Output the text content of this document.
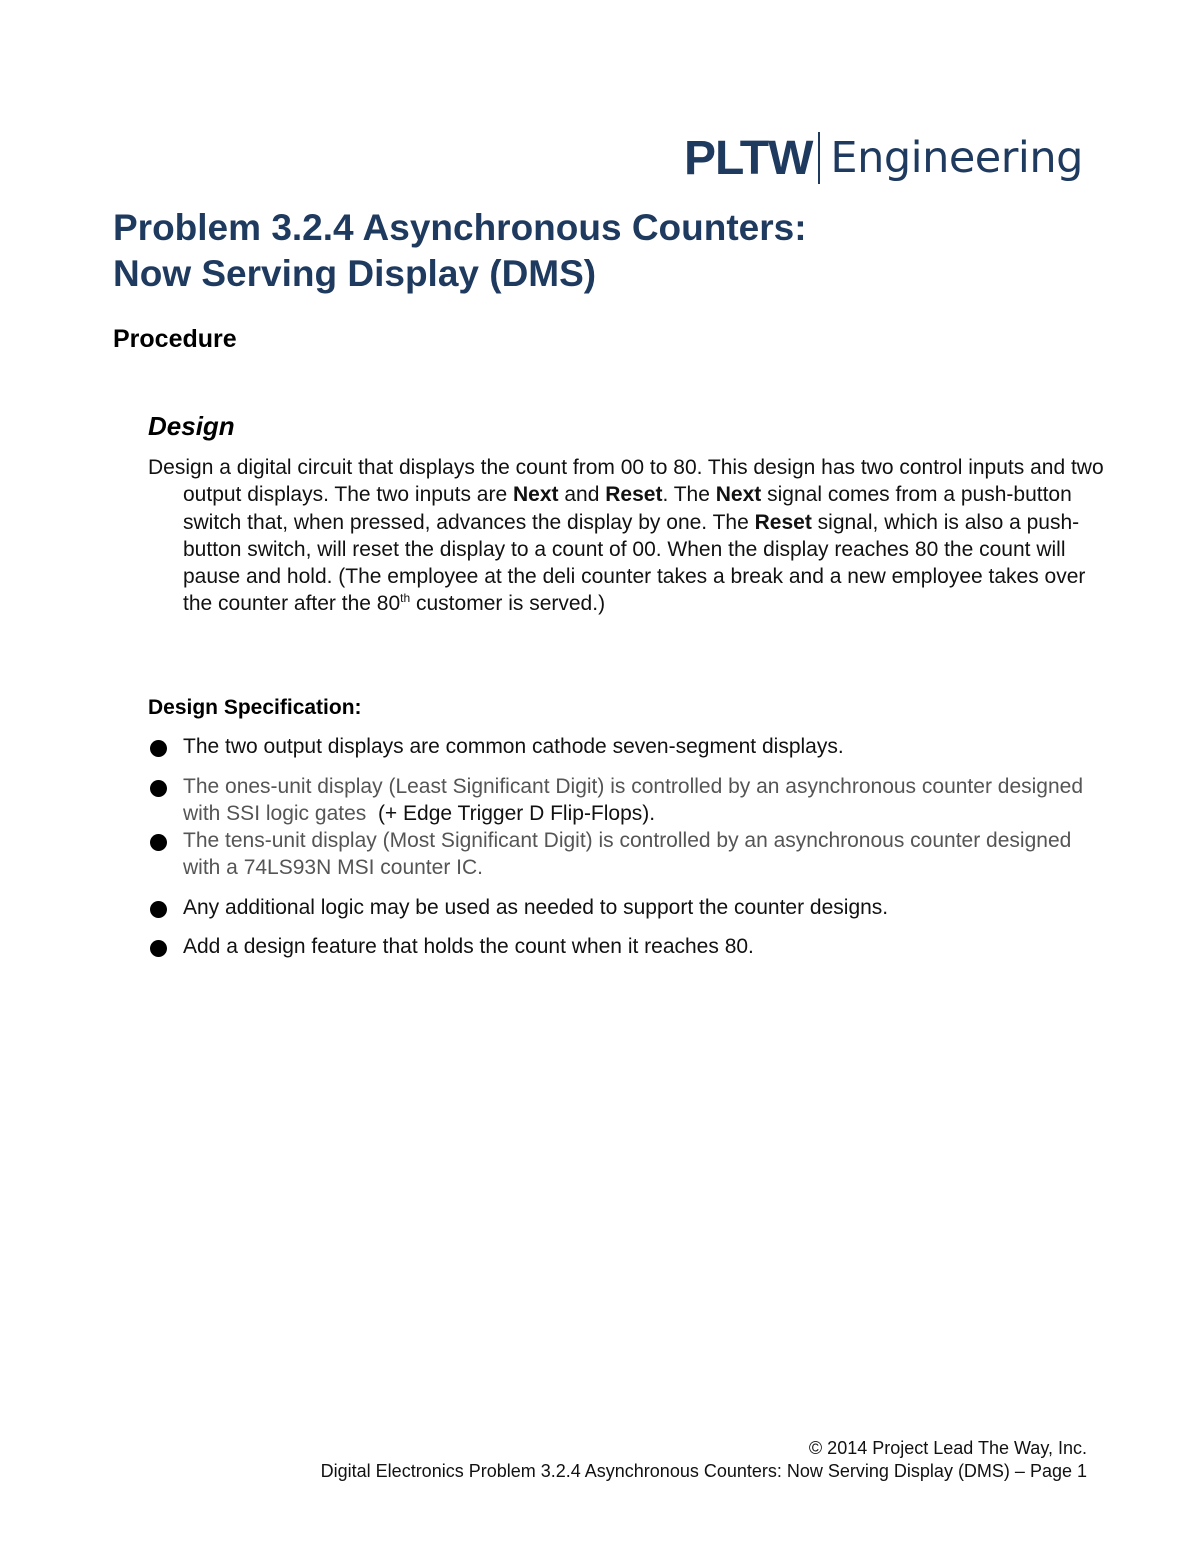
PLTW Engineering
Problem 3.2.4 Asynchronous Counters:
Now Serving Display (DMS)
Procedure
Design

Design a digital circuit that displays the count from 00 to 80. This design has two control inputs and two output displays. The two inputs are Next and Reset. The Next signal comes from a push-button switch that, when pressed, advances the display by one. The Reset signal, which is also a push-button switch, will reset the display to a count of 00. When the display reaches 80 the count will pause and hold. (The employee at the deli counter takes a break and a new employee takes over the counter after the 80th customer is served.)

Design Specification:
The two output displays are common cathode seven-segment displays.
The ones-unit display (Least Significant Digit) is controlled by an asynchronous counter designed with SSI logic gates (+ Edge Trigger D Flip-Flops).
The tens-unit display (Most Significant Digit) is controlled by an asynchronous counter designed with a 74LS93N MSI counter IC.
Any additional logic may be used as needed to support the counter designs.
Add a design feature that holds the count when it reaches 80.
© 2014 Project Lead The Way, Inc.
Digital Electronics Problem 3.2.4 Asynchronous Counters: Now Serving Display (DMS) – Page 1
